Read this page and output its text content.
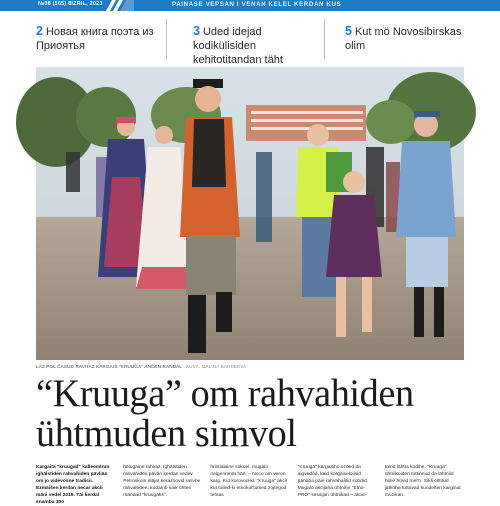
№08 (565) 8IZRIL, 2023	PAINASE VEPSAN I VENAN KELEL KERDAN KUS
2 Новая книга поэта из Приоятья
3 Uded idejad kodikülisiden kehitotitandan täht
5 Kut mö Novosibirskas olim
LÄZ POL ČASUD RAVHAZ KARGAIŠ "KRUUGA" ANČEN RANDAL KUVA: GALINA BARDEEVA
“Kruuga” om rahvahiden
ühtmuden simvol

Kargaita "kruugad" kalleemlrun ighälstiden rahvahiden pävliän om jo videvosne tradicii. Ezmäišen kerdan necar akcii mäni vedel 2019. Täi kerdal enamba 300

hälugaine rahvaz. Ighälstiden rahvahiden pävän kerdan vedev Petroskoin eläjat kerazoovid rasvhe rahvahiden, kudamb kaik ühtes mändad "kruugaks".

hristialaine sokoel, mugalo nelgennmät hän. – Noce om veron karg. Kut korovod-ki. "Kruuga" akcii kut toiled-ki etnokul'turiied zojtegod tehtas

"Kruuga" kargaitiho ozoed da aigvedód, kaid kargitiseloiisid panaba päie rahvahalitid sobdid. Mugalo akcijaha ühtnihe "Etno-PRO" sessijan ühtnikad – aktivi-

toind lähtta kodihe. "Kruuga" ühtnikoiden tuttinnud da lähtniid holie hüvid mel'h. Sikš cittitud jätkoha tuttavad kundelten karginut muzikan.
